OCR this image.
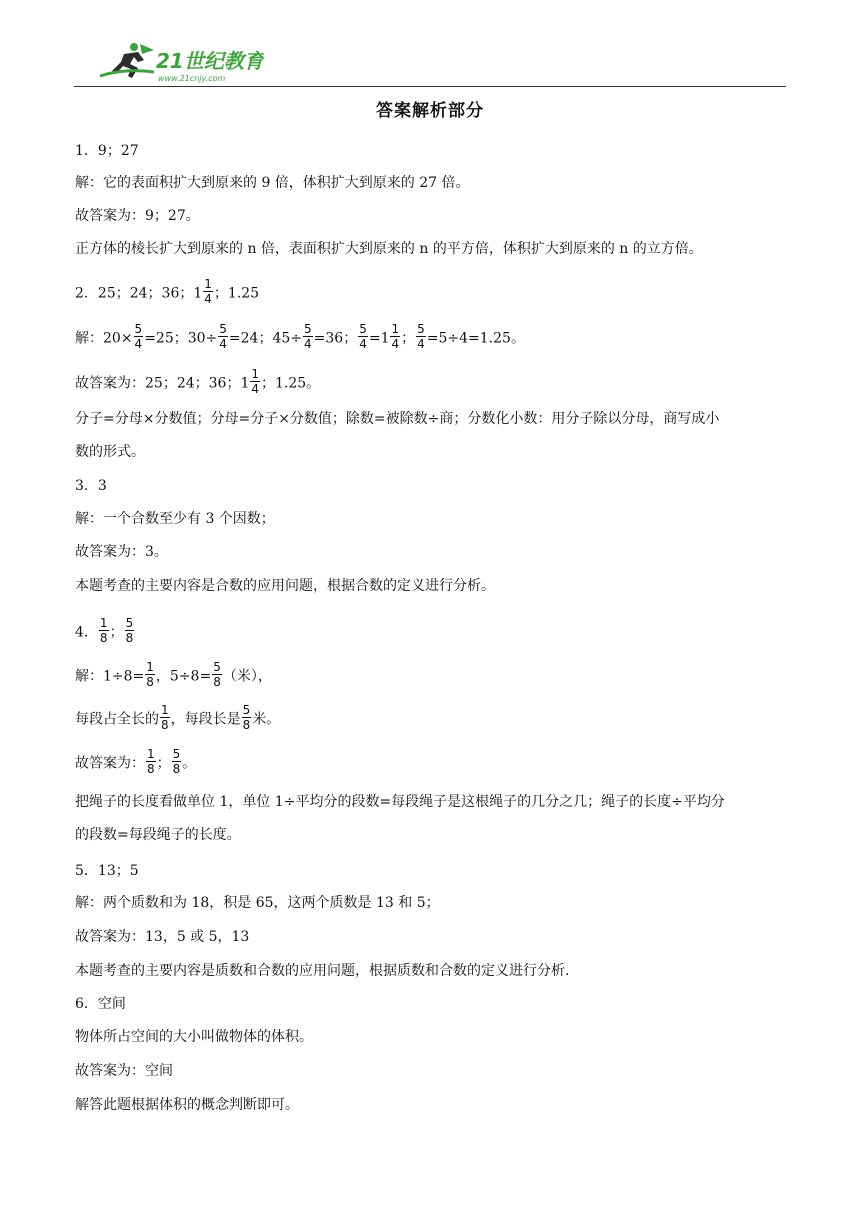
21世纪教育
www.21cnjy.com
答案解析部分
1．9；27
解：它的表面积扩大到原来的 9 倍，体积扩大到原来的 27 倍。
故答案为：9；27。
正方体的棱长扩大到原来的 n 倍，表面积扩大到原来的 n 的平方倍，体积扩大到原来的 n 的立方倍。
2．25；24；36；$1 \frac{1}{4}$ ；1.25
解：$20\times \frac{5}{4} =25$；$30\div \frac{5}{4} =24$；$45\div \frac{5}{4} =36$； $\frac{5}{4} =1 \frac{1}{4}$ ； $\frac{5}{4} =5\div 4=1.25$。
故答案为：25；24；36；$1 \frac{1}{4}$ ；1.25。
分子=分母×分数值；分母=分子×分数值；除数=被除数÷商；分数化小数：用分子除以分母，商写成小
数的形式。
3．3
解：一个合数至少有 3 个因数；
故答案为：3。
本题考查的主要内容是合数的应用问题，根据合数的定义进行分析。
4． $\frac{1}{8}$ ； $\frac{5}{8}$
解：$1\div 8= \frac{1}{8}$ ，$5\div 8= \frac{5}{8}$ （米），
每段占全长的 $\frac{1}{8}$ ，每段长是 $\frac{5}{8}$ 米。
故答案为： $\frac{1}{8}$ ； $\frac{5}{8}$ 。
把绳子的长度看做单位 1，单位 1÷平均分的段数=每段绳子是这根绳子的几分之几；绳子的长度÷平均分
的段数=每段绳子的长度。
5．13；5
解：两个质数和为 18，积是 65，这两个质数是 13 和 5；
故答案为：13，5 或 5，13
本题考查的主要内容是质数和合数的应用问题，根据质数和合数的定义进行分析.
6．空间
物体所占空间的大小叫做物体的体积。
故答案为：空间
解答此题根据体积的概念判断即可。
